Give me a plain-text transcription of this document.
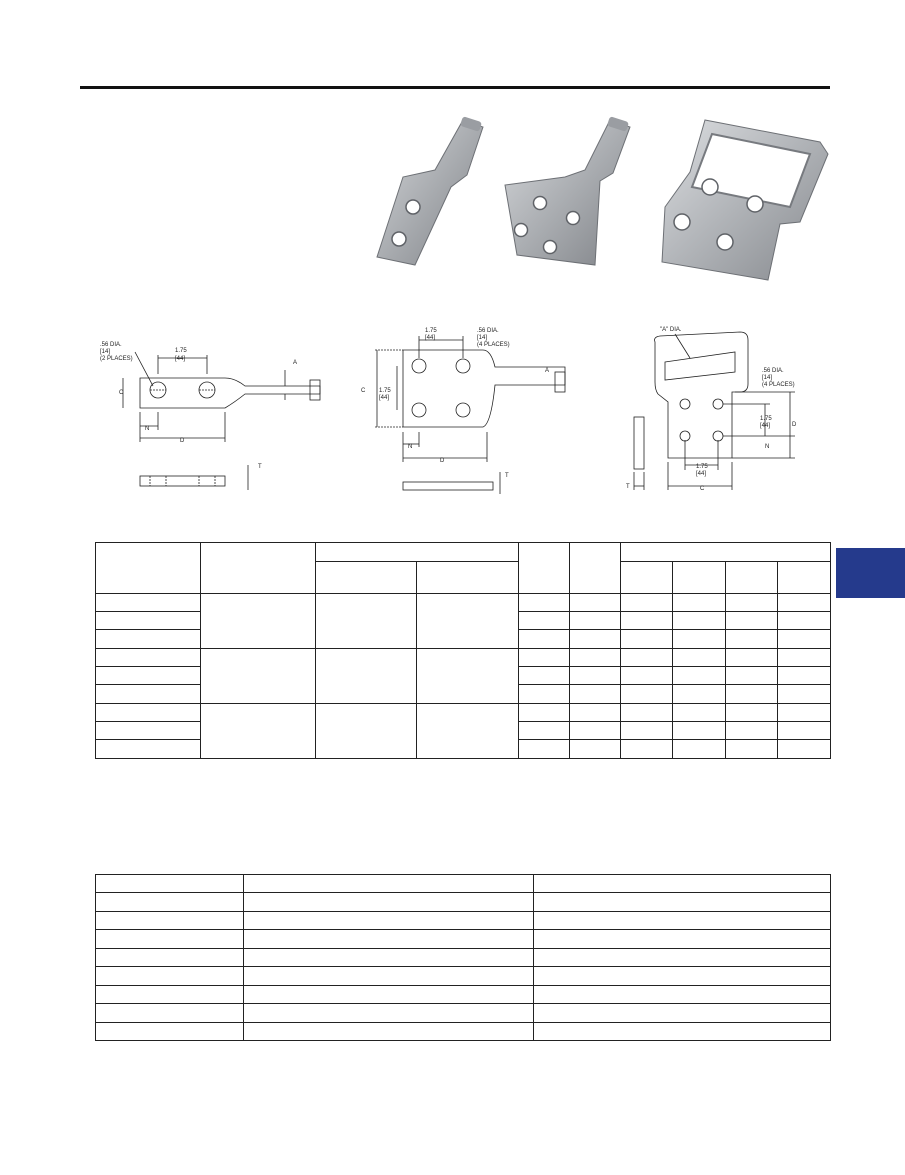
.56 DIA.
[14]
(2 PLACES)
1.75
[44]
A
C
N
D
T
1.75
[44]
.56 DIA.
[14]
(4 PLACES)
1.75
[44]
A
C
N
D
T
"A" DIA.
.56 DIA.
[14]
(4 PLACES)
1.75
[44]	D
N
1.75
[44]
T	C
